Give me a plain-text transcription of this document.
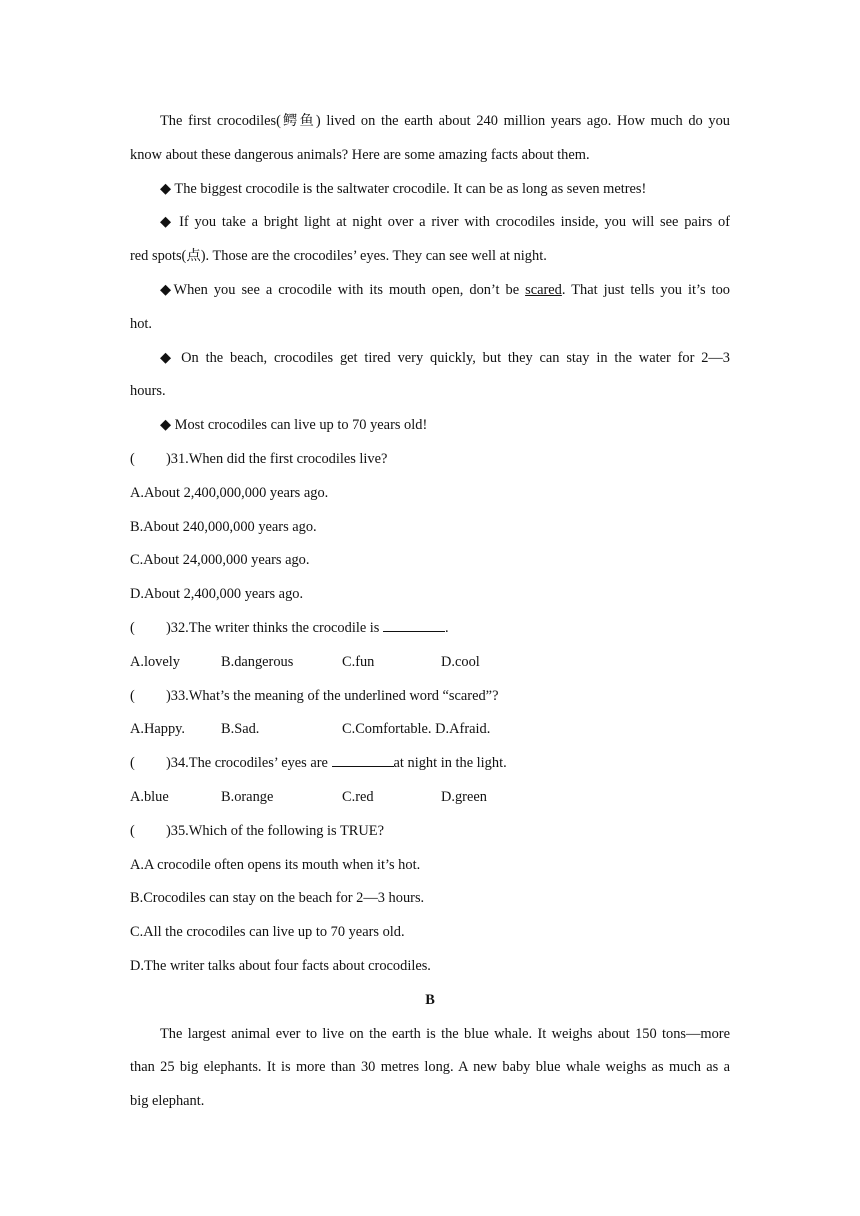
The first crocodiles(鳄鱼) lived on the earth about 240 million years ago. How much do you
know about these dangerous animals? Here are some amazing facts about them.
◆ The biggest crocodile is the saltwater crocodile. It can be as long as seven metres!
◆ If you take a bright light at night over a river with crocodiles inside, you will see pairs of
red spots(点). Those are the crocodiles’ eyes. They can see well at night.
◆When you see a crocodile with its mouth open, don’t be scared. That just tells you it’s too
hot.
◆ On the beach, crocodiles get tired very quickly, but they can stay in the water for 2—3
hours.
◆ Most crocodiles can live up to 70 years old!
( )31.When did the first crocodiles live?
A.About 2,400,000,000 years ago.
B.About 240,000,000 years ago.
C.About 24,000,000 years ago.
D.About 2,400,000 years ago.
( )32.The writer thinks the crocodile is	.
A.lovely	B.dangerous	C.fun	D.cool
( )33.What’s the meaning of the underlined word “scared”?
A.Happy. B.Sad.	C.Comfortable. D.Afraid.
( )34.The crocodiles’ eyes are	at night in the light.
A.blue	B.orange	C.red	D.green
( )35.Which of the following is TRUE?
A.A crocodile often opens its mouth when it’s hot.
B.Crocodiles can stay on the beach for 2—3 hours.
C.All the crocodiles can live up to 70 years old.
D.The writer talks about four facts about crocodiles.
B
The largest animal ever to live on the earth is the blue whale. It weighs about 150 tons—more
than 25 big elephants. It is more than 30 metres long. A new baby blue whale weighs as much as a
big elephant.
